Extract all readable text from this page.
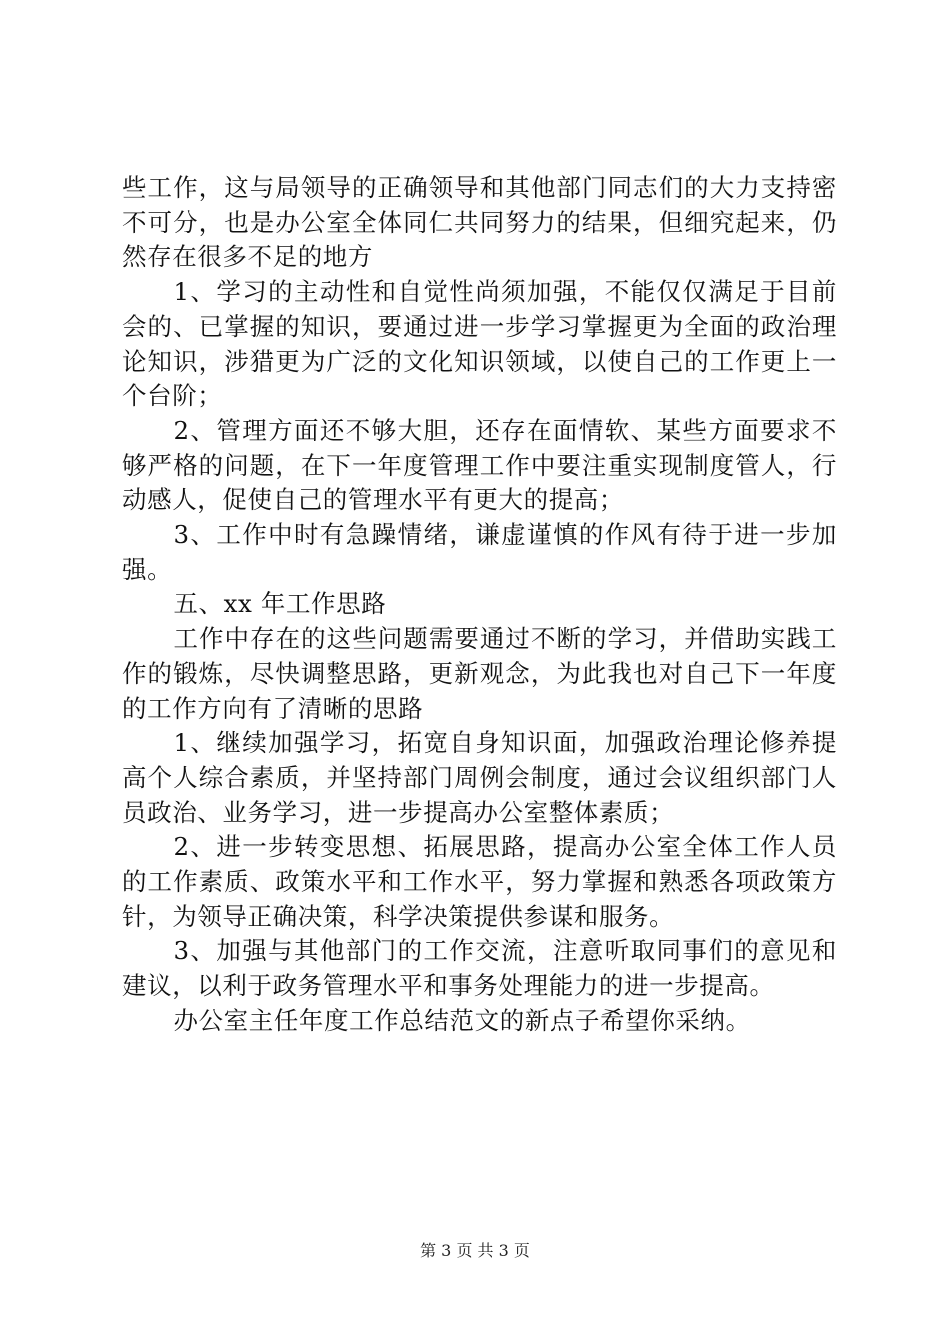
些工作，这与局领导的正确领导和其他部门同志们的大力支持密不可分，也是办公室全体同仁共同努力的结果，但细究起来，仍然存在很多不足的地方

1、学习的主动性和自觉性尚须加强，不能仅仅满足于目前会的、已掌握的知识，要通过进一步学习掌握更为全面的政治理论知识，涉猎更为广泛的文化知识领域，以使自己的工作更上一个台阶；

2、管理方面还不够大胆，还存在面情软、某些方面要求不够严格的问题，在下一年度管理工作中要注重实现制度管人，行动感人，促使自己的管理水平有更大的提高；

3、工作中时有急躁情绪，谦虚谨慎的作风有待于进一步加强。

五、xx 年工作思路

工作中存在的这些问题需要通过不断的学习，并借助实践工作的锻炼，尽快调整思路，更新观念，为此我也对自己下一年度的工作方向有了清晰的思路

1、继续加强学习，拓宽自身知识面，加强政治理论修养提高个人综合素质，并坚持部门周例会制度，通过会议组织部门人员政治、业务学习，进一步提高办公室整体素质；

2、进一步转变思想、拓展思路，提高办公室全体工作人员的工作素质、政策水平和工作水平，努力掌握和熟悉各项政策方针，为领导正确决策，科学决策提供参谋和服务。

3、加强与其他部门的工作交流，注意听取同事们的意见和建议，以利于政务管理水平和事务处理能力的进一步提高。

办公室主任年度工作总结范文的新点子希望你采纳。

第 3 页 共 3 页
